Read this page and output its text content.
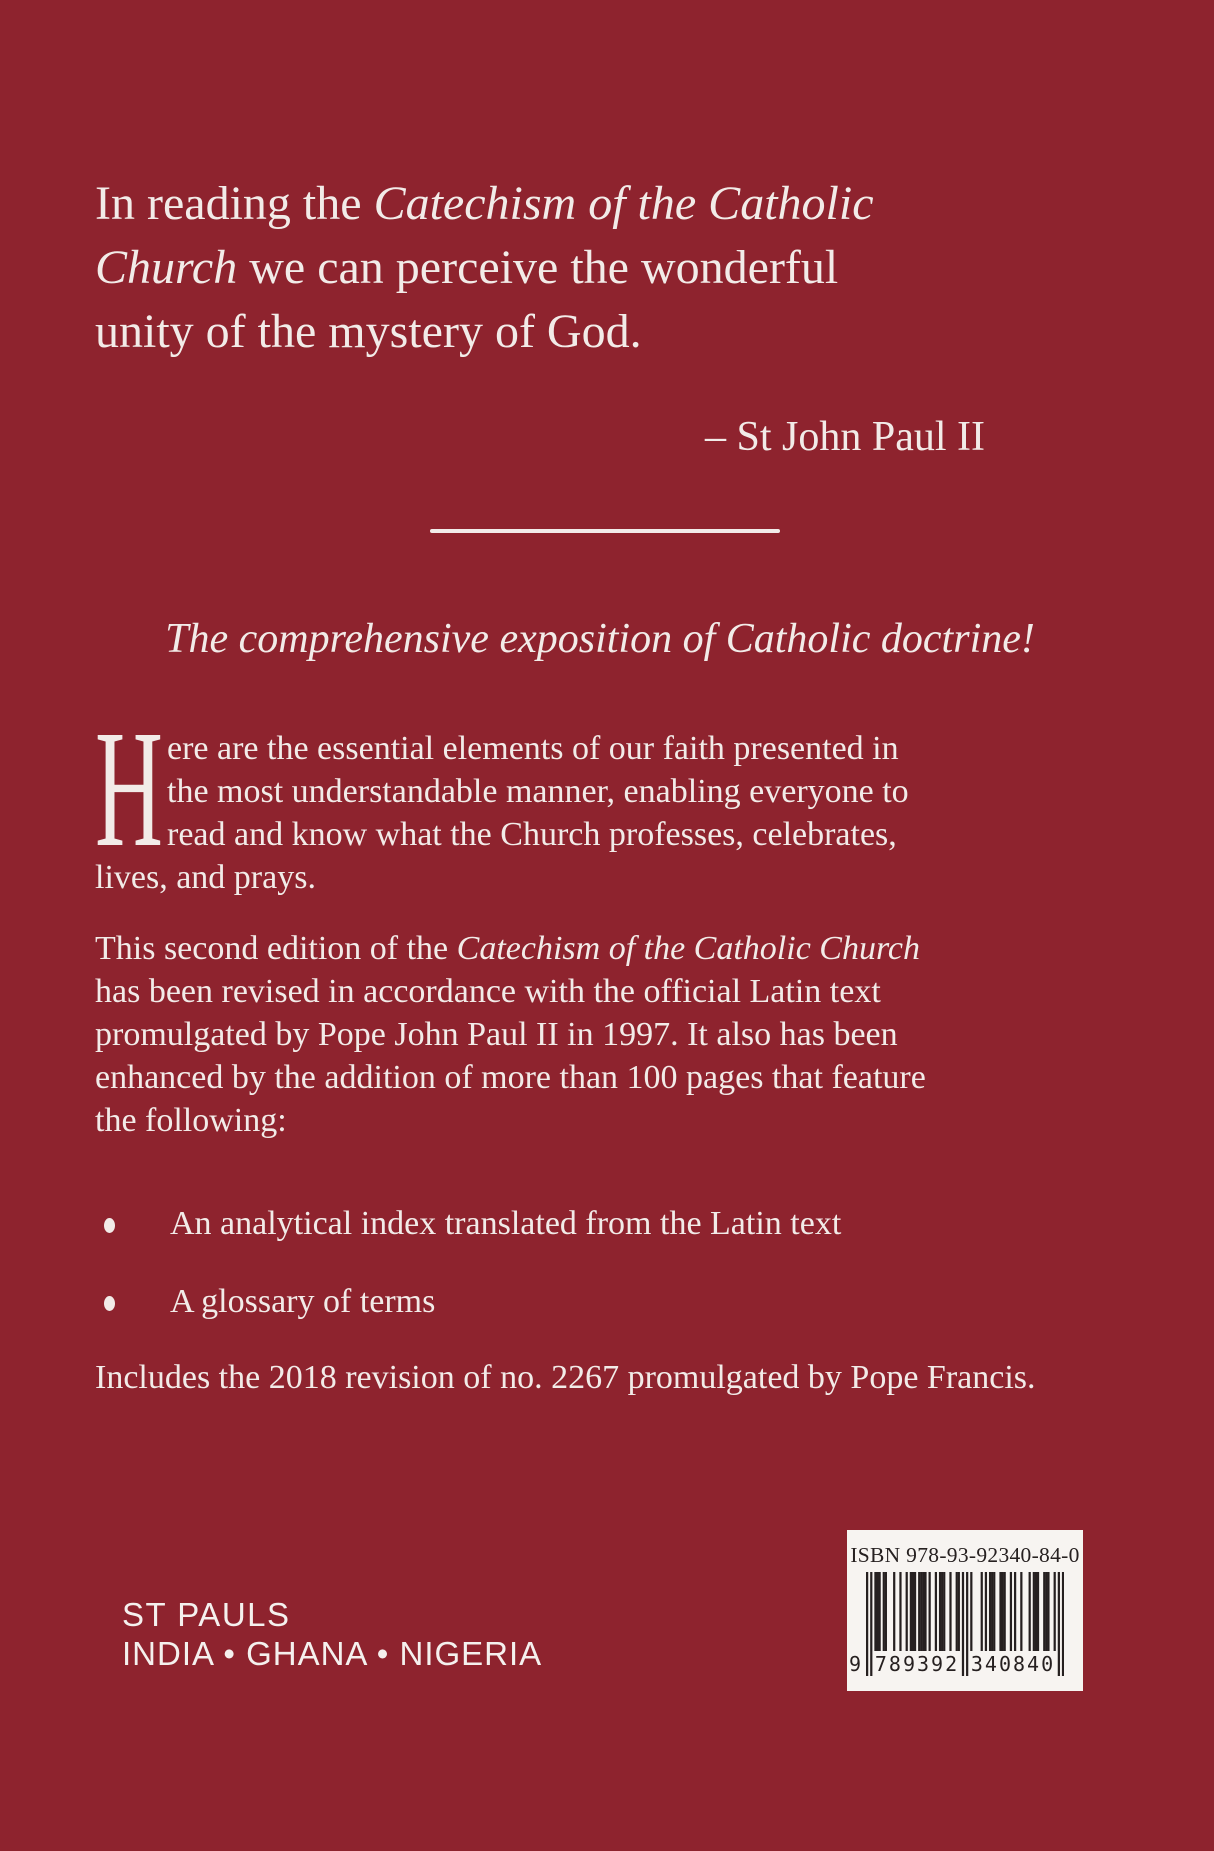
In reading the Catechism of the Catholic
Church we can perceive the wonderful
unity of the mystery of God.
– St John Paul II
The comprehensive exposition of Catholic doctrine!
H ere are the essential elements of our faith presented in
the most understandable manner, enabling everyone to
read and know what the Church professes, celebrates,
lives, and prays.
This second edition of the Catechism of the Catholic Church
has been revised in accordance with the official Latin text
promulgated by Pope John Paul II in 1997. It also has been
enhanced by the addition of more than 100 pages that feature
the following:
An analytical index translated from the Latin text
A glossary of terms
Includes the 2018 revision of no. 2267 promulgated by Pope Francis.
ST PAULS
INDIA • GHANA • NIGERIA
ISBN 978-93-92340-84-0
9 789392 340840
